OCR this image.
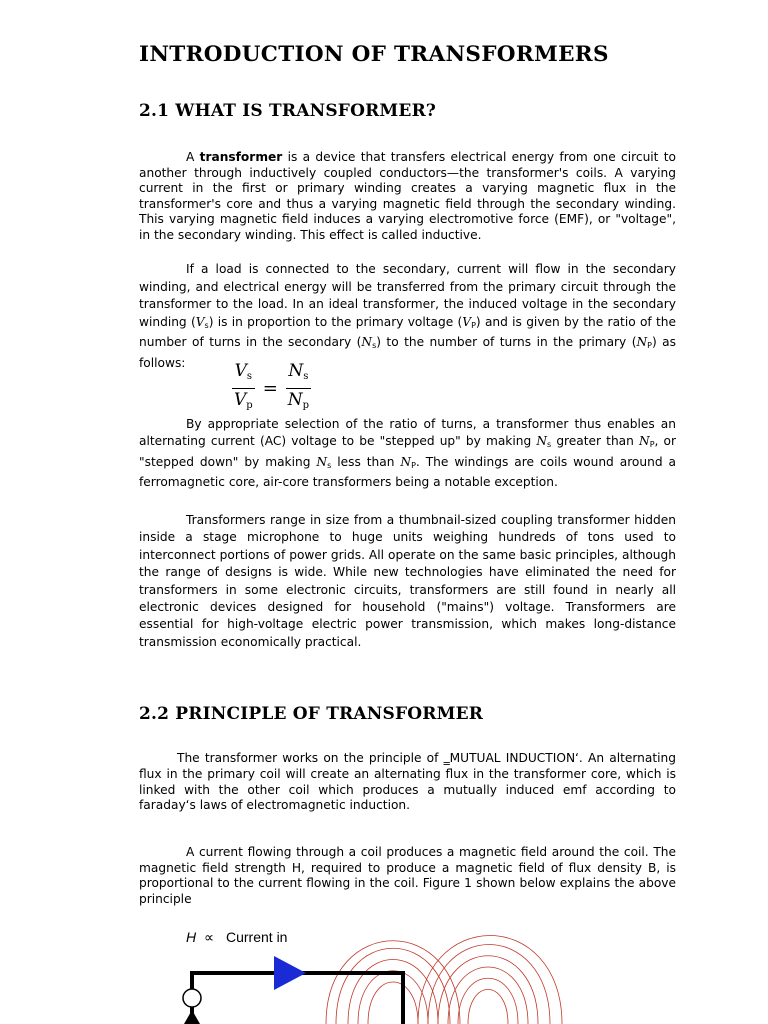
INTRODUCTION OF TRANSFORMERS
2.1 WHAT IS TRANSFORMER?
A transformer is a device that transfers electrical energy from one circuit to another through inductively coupled conductors—the transformer's coils. A varying current in the first or primary winding creates a varying magnetic flux in the transformer's core and thus a varying magnetic field through the secondary winding. This varying magnetic field induces a varying electromotive force (EMF), or "voltage", in the secondary winding. This effect is called inductive.
If a load is connected to the secondary, current will flow in the secondary winding, and electrical energy will be transferred from the primary circuit through the transformer to the load. In an ideal transformer, the induced voltage in the secondary winding $(V_s)$ is in proportion to the primary voltage $(V_P)$ and is given by the ratio of the number of turns in the secondary $(N_s)$ to the number of turns in the primary $(N_P)$ as follows:	$\frac{V_s}{V_p} = \frac{N_s}{N_p}$
By appropriate selection of the ratio of turns, a transformer thus enables an alternating current (AC) voltage to be "stepped up" by making $N_s$ greater than $N_P$, or "stepped down" by making $N_s$ less than $N_P$. The windings are coils wound around a ferromagnetic core, air-core transformers being a notable exception.
Transformers range in size from a thumbnail-sized coupling transformer hidden inside a stage microphone to huge units weighing hundreds of tons used to interconnect portions of power grids. All operate on the same basic principles, although the range of designs is wide. While new technologies have eliminated the need for transformers in some electronic circuits, transformers are still found in nearly all electronic devices designed for household ("mains") voltage. Transformers are essential for high-voltage electric power transmission, which makes long-distance transmission economically practical.
2.2 PRINCIPLE OF TRANSFORMER
The transformer works on the principle of ‗MUTUAL INDUCTION‘. An alternating flux in the primary coil will create an alternating flux in the transformer core, which is linked with the other coil which produces a mutually induced emf according to faraday‘s laws of electromagnetic induction.
A current flowing through a coil produces a magnetic field around the coil. The magnetic field strength H, required to produce a magnetic field of flux density B, is proportional to the current flowing in the coil. Figure 1 shown below explains the above principle
H ∝ Current in
